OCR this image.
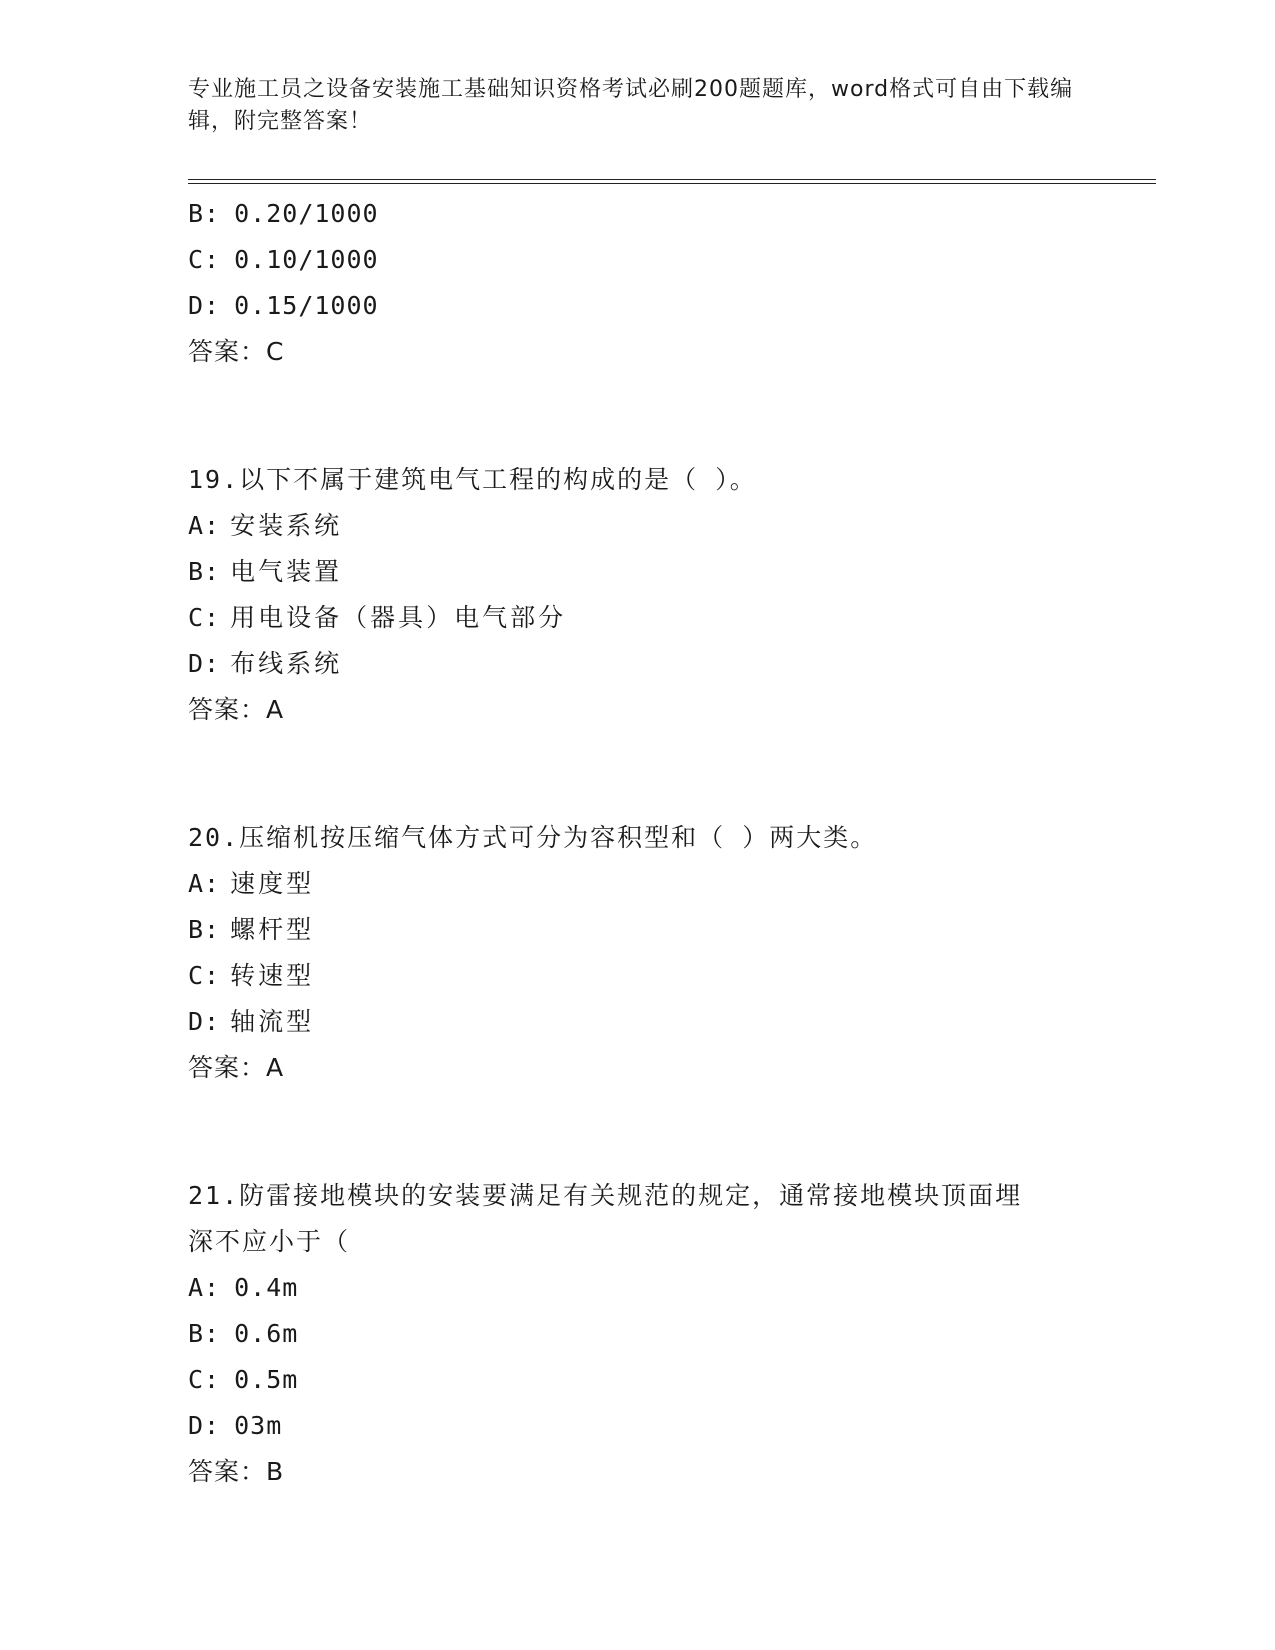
专业施工员之设备安装施工基础知识资格考试必刷200题题库，word格式可自由下载编辑，附完整答案！
B: 0.20/1000
C: 0.10/1000
D: 0.15/1000
答案：C
19.以下不属于建筑电气工程的构成的是（ ）。
A: 安装系统
B: 电气装置
C: 用电设备（器具）电气部分
D: 布线系统
答案：A
20.压缩机按压缩气体方式可分为容积型和（ ）两大类。
A: 速度型
B: 螺杆型
C: 转速型
D: 轴流型
答案：A
21.防雷接地模块的安装要满足有关规范的规定，通常接地模块顶面埋深不应小于（
A: 0.4m
B: 0.6m
C: 0.5m
D: 03m
答案：B
